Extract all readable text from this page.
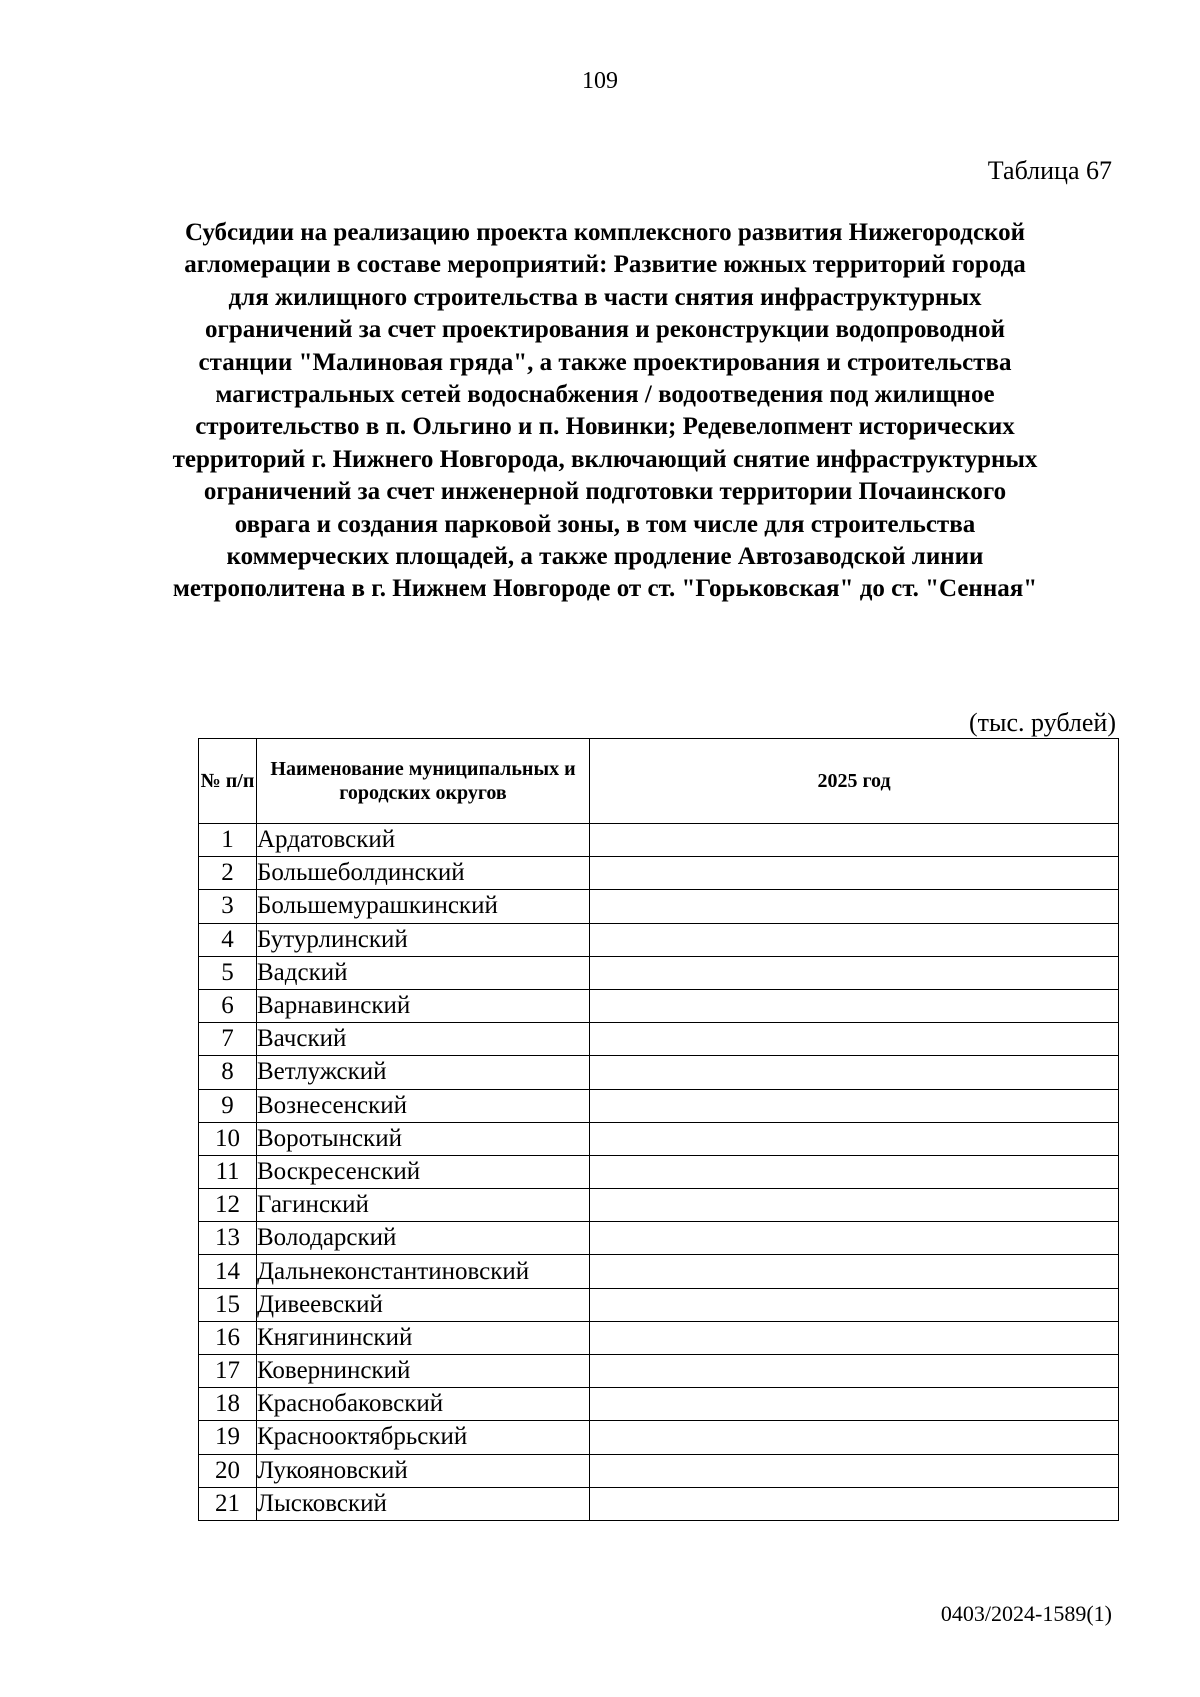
109
Таблица 67
Субсидии на реализацию проекта комплексного развития Нижегородской агломерации в составе мероприятий: Развитие южных территорий города для жилищного строительства в части снятия инфраструктурных ограничений за счет проектирования и реконструкции водопроводной станции "Малиновая гряда", а также проектирования и строительства магистральных сетей водоснабжения / водоотведения под жилищное строительство в п. Ольгино и п. Новинки; Редевелопмент исторических территорий г. Нижнего Новгорода, включающий снятие инфраструктурных ограничений за счет инженерной подготовки территории Почаинского оврага и создания парковой зоны, в том числе для строительства коммерческих площадей, а также продление Автозаводской линии метрополитена в г. Нижнем Новгороде от ст. "Горьковская" до ст. "Сенная"
(тыс. рублей)
№ п/п	Наименование муниципальных и городских округов	2025 год
1	Ардатовский	
2	Большеболдинский	
3	Большемурашкинский	
4	Бутурлинский	
5	Вадский	
6	Варнавинский	
7	Вачский	
8	Ветлужский	
9	Вознесенский	
10	Воротынский	
11	Воскресенский	
12	Гагинский	
13	Володарский	
14	Дальнеконстантиновский	
15	Дивеевский	
16	Княгининский	
17	Ковернинский	
18	Краснобаковский	
19	Краснооктябрьский	
20	Лукояновский	
21	Лысковский	
0403/2024-1589(1)
